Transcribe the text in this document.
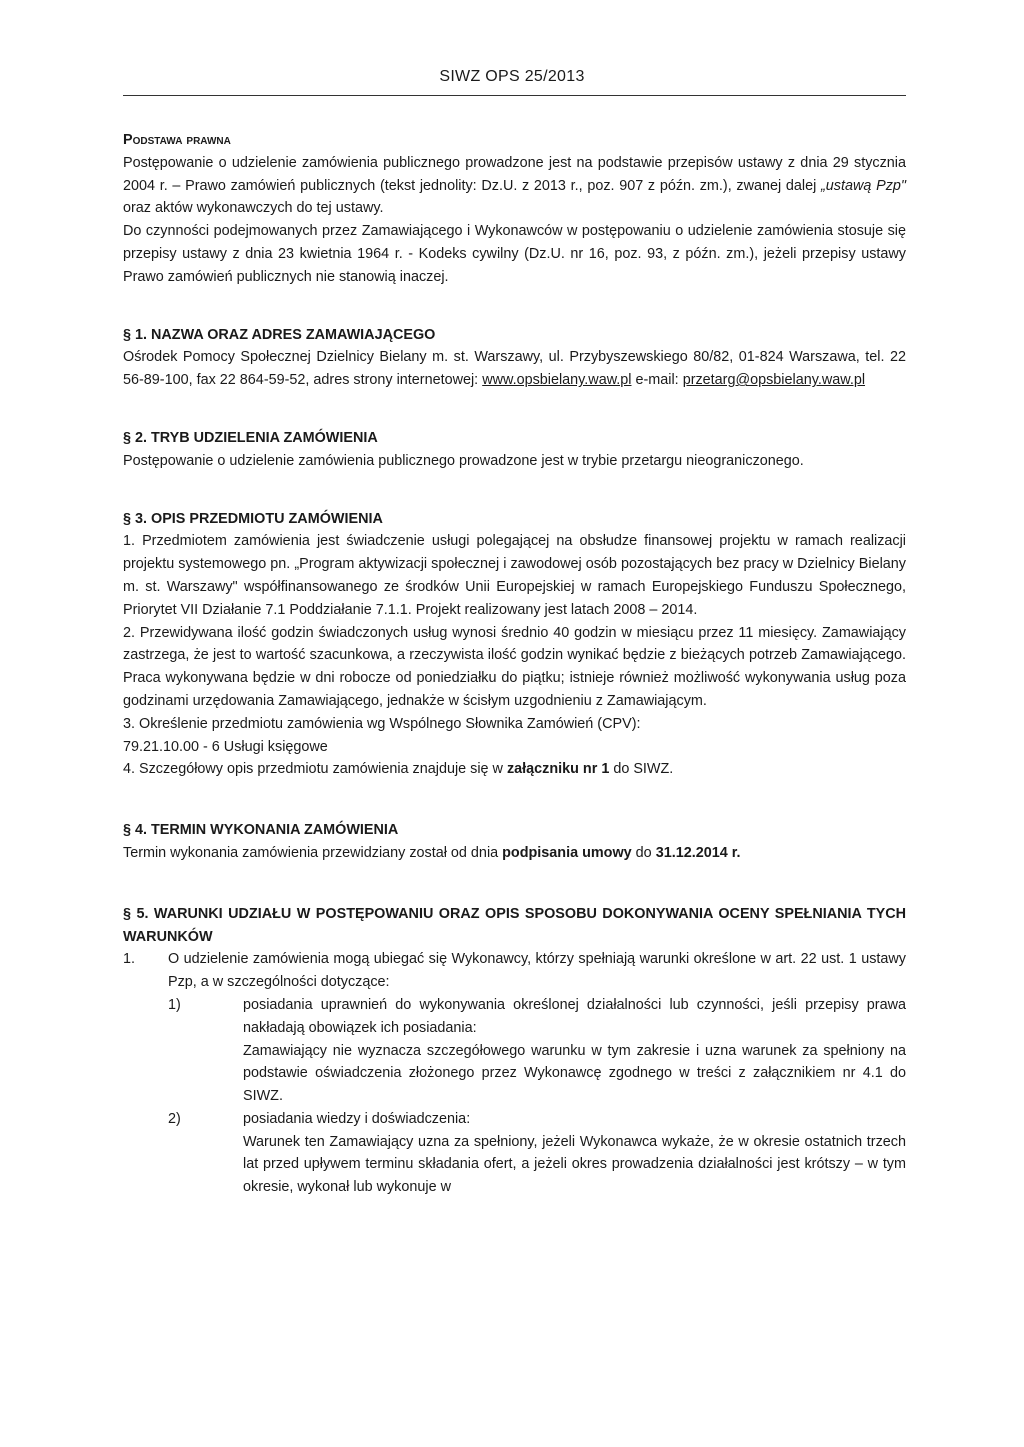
SIWZ OPS 25/2013

Podstawa prawna

Postępowanie o udzielenie zamówienia publicznego prowadzone jest na podstawie przepisów ustawy z dnia 29 stycznia 2004 r. – Prawo zamówień publicznych (tekst jednolity: Dz.U. z 2013 r., poz. 907 z późn. zm.), zwanej dalej „ustawą Pzp" oraz aktów wykonawczych do tej ustawy.

Do czynności podejmowanych przez Zamawiającego i Wykonawców w postępowaniu o udzielenie zamówienia stosuje się przepisy ustawy z dnia 23 kwietnia 1964 r. - Kodeks cywilny (Dz.U. nr 16, poz. 93, z późn. zm.), jeżeli przepisy ustawy Prawo zamówień publicznych nie stanowią inaczej.

§ 1. NAZWA ORAZ ADRES ZAMAWIAJĄCEGO

Ośrodek Pomocy Społecznej Dzielnicy Bielany m. st. Warszawy, ul. Przybyszewskiego 80/82, 01-824 Warszawa, tel. 22 56-89-100, fax 22 864-59-52, adres strony internetowej: www.opsbielany.waw.pl e-mail: przetarg@opsbielany.waw.pl

§ 2. TRYB UDZIELENIA ZAMÓWIENIA

Postępowanie o udzielenie zamówienia publicznego prowadzone jest w trybie przetargu nieograniczonego.

§ 3. OPIS PRZEDMIOTU ZAMÓWIENIA

1. Przedmiotem zamówienia jest świadczenie usługi polegającej na obsłudze finansowej projektu w ramach realizacji projektu systemowego pn. „Program aktywizacji społecznej i zawodowej osób pozostających bez pracy w Dzielnicy Bielany m. st. Warszawy" współfinansowanego ze środków Unii Europejskiej w ramach Europejskiego Funduszu Społecznego, Priorytet VII Działanie 7.1 Poddziałanie 7.1.1. Projekt realizowany jest latach 2008 – 2014.

2. Przewidywana ilość godzin świadczonych usług wynosi średnio 40 godzin w miesiącu przez 11 miesięcy. Zamawiający zastrzega, że jest to wartość szacunkowa, a rzeczywista ilość godzin wynikać będzie z bieżących potrzeb Zamawiającego. Praca wykonywana będzie w dni robocze od poniedziałku do piątku; istnieje również możliwość wykonywania usług poza godzinami urzędowania Zamawiającego, jednakże w ścisłym uzgodnieniu z Zamawiającym.

3. Określenie przedmiotu zamówienia wg Wspólnego Słownika Zamówień (CPV):

79.21.10.00 - 6 Usługi księgowe

4. Szczegółowy opis przedmiotu zamówienia znajduje się w załączniku nr 1 do SIWZ.

§ 4. TERMIN WYKONANIA ZAMÓWIENIA

Termin wykonania zamówienia przewidziany został od dnia podpisania umowy do 31.12.2014 r.

§ 5. WARUNKI UDZIAŁU W POSTĘPOWANIU ORAZ OPIS SPOSOBU DOKONYWANIA OCENY SPEŁNIANIA TYCH WARUNKÓW

1.	O udzielenie zamówienia mogą ubiegać się Wykonawcy, którzy spełniają warunki określone w art. 22 ust. 1 ustawy Pzp, a w szczególności dotyczące:
1)	posiadania uprawnień do wykonywania określonej działalności lub czynności, jeśli przepisy prawa nakładają obowiązek ich posiadania:

Zamawiający nie wyznacza szczegółowego warunku w tym zakresie i uzna warunek za spełniony na podstawie oświadczenia złożonego przez Wykonawcę zgodnego w treści z załącznikiem nr 4.1 do SIWZ.

2)	posiadania wiedzy i doświadczenia:

Warunek ten Zamawiający uzna za spełniony, jeżeli Wykonawca wykaże, że w okresie ostatnich trzech lat przed upływem terminu składania ofert, a jeżeli okres prowadzenia działalności jest krótszy – w tym okresie, wykonał lub wykonuje w
